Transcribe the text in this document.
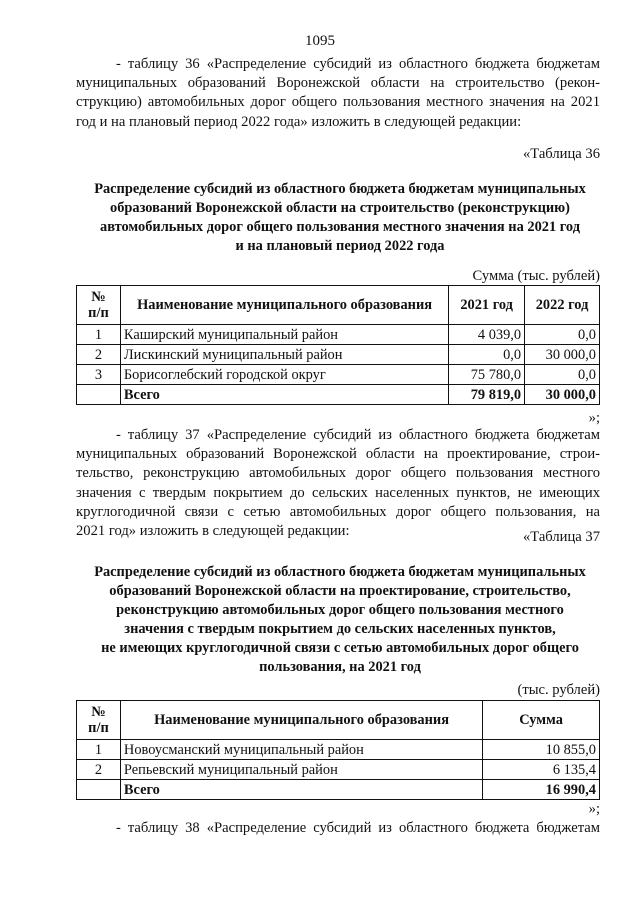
1095

- таблицу 36 «Распределение субсидий из областного бюджета бюджетам
муниципальных образований Воронежской области на строительство (рекон-
струкцию) автомобильных дорог общего пользования местного значения на 2021
год и на плановый период 2022 года» изложить в следующей редакции:

«Таблица 36
Распределение субсидий из областного бюджета бюджетам муниципальных
образований Воронежской области на строительство (реконструкцию)
автомобильных дорог общего пользования местного значения на 2021 год
и на плановый период 2022 года
Сумма (тыс. рублей)
№
п/п	Наименование муниципального образования	2021 год	2022 год
1	Каширский муниципальный район	4 039,0	0,0
2	Лискинский муниципальный район	0,0	30 000,0
3	Борисоглебский городской округ	75 780,0	0,0
	Всего	79 819,0	30 000,0
»;

- таблицу 37 «Распределение субсидий из областного бюджета бюджетам
муниципальных образований Воронежской области на проектирование, строи-
тельство, реконструкцию автомобильных дорог общего пользования местного
значения с твердым покрытием до сельских населенных пунктов, не имеющих
круглогодичной связи с сетью автомобильных дорог общего пользования, на
2021 год» изложить в следующей редакции:	«Таблица 37
Распределение субсидий из областного бюджета бюджетам муниципальных
образований Воронежской области на проектирование, строительство,
реконструкцию автомобильных дорог общего пользования местного
значения с твердым покрытием до сельских населенных пунктов,
не имеющих круглогодичной связи с сетью автомобильных дорог общего
пользования, на 2021 год
(тыс. рублей)
№
п/п	Наименование муниципального образования	Сумма
1	Новоусманский муниципальный район	10 855,0
2	Репьевский муниципальный район	6 135,4
	Всего	16 990,4
»;

- таблицу 38 «Распределение субсидий из областного бюджета бюджетам
